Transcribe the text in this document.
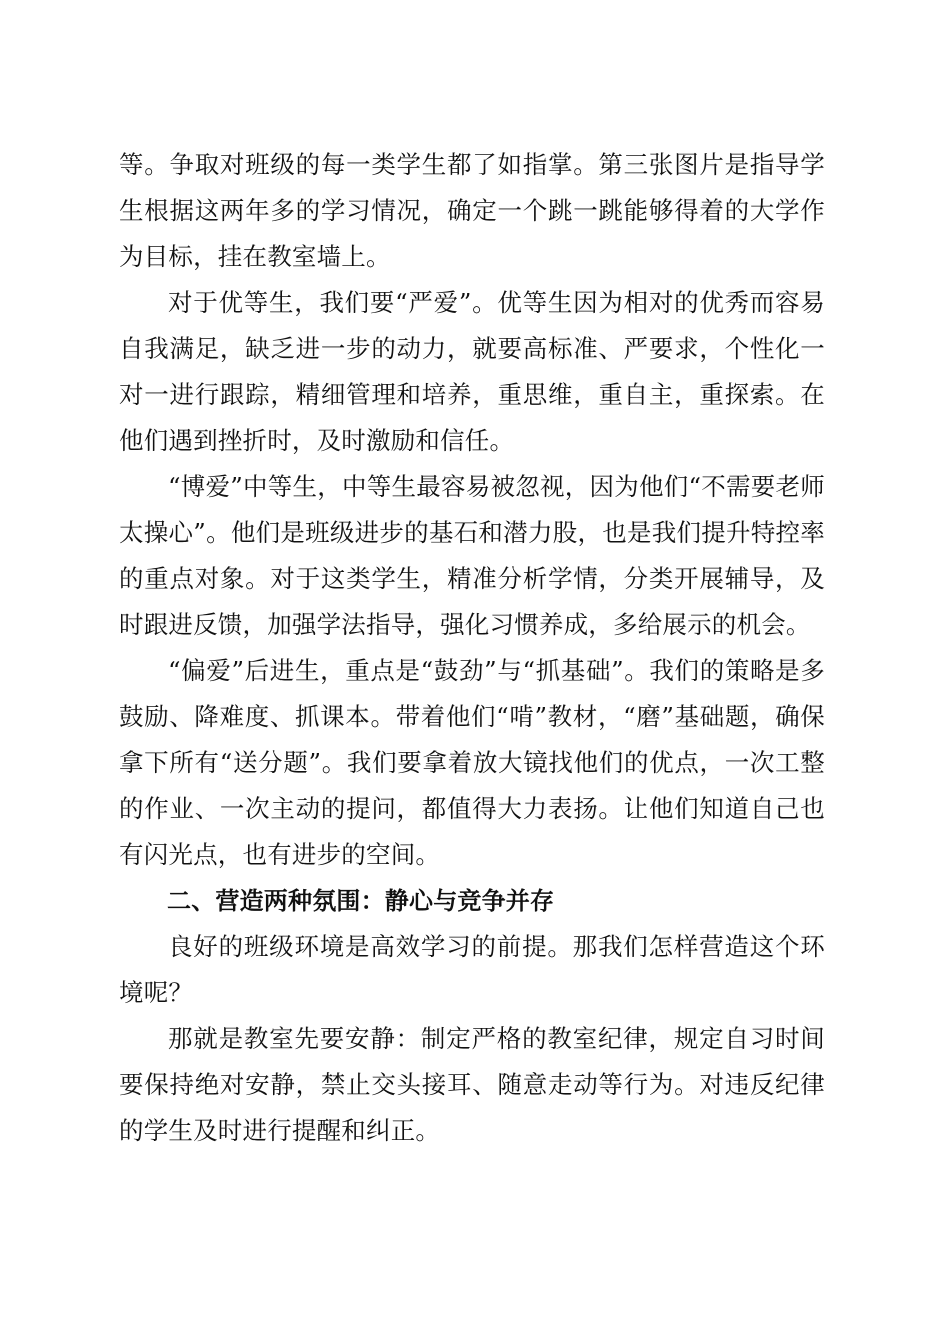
等。争取对班级的每一类学生都了如指掌。第三张图片是指导学生根据这两年多的学习情况，确定一个跳一跳能够得着的大学作为目标，挂在教室墙上。

对于优等生，我们要“严爱”。优等生因为相对的优秀而容易自我满足，缺乏进一步的动力，就要高标准、严要求，个性化一对一进行跟踪，精细管理和培养，重思维，重自主，重探索。在他们遇到挫折时，及时激励和信任。

“博爱”中等生，中等生最容易被忽视，因为他们“不需要老师太操心”。他们是班级进步的基石和潜力股，也是我们提升特控率的重点对象。对于这类学生，精准分析学情，分类开展辅导，及时跟进反馈，加强学法指导，强化习惯养成，多给展示的机会。

“偏爱”后进生，重点是“鼓劲”与“抓基础”。我们的策略是多鼓励、降难度、抓课本。带着他们“啃”教材，“磨”基础题，确保拿下所有“送分题”。我们要拿着放大镜找他们的优点，一次工整的作业、一次主动的提问，都值得大力表扬。让他们知道自己也有闪光点，也有进步的空间。

二、营造两种氛围：静心与竞争并存

良好的班级环境是高效学习的前提。那我们怎样营造这个环境呢？

那就是教室先要安静：制定严格的教室纪律，规定自习时间要保持绝对安静，禁止交头接耳、随意走动等行为。对违反纪律的学生及时进行提醒和纠正。
